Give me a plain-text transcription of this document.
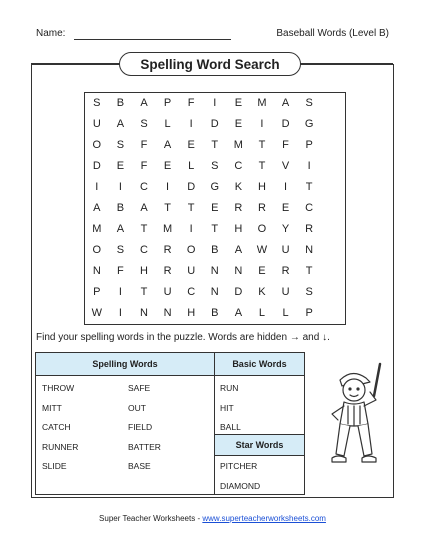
Name:	Baseball Words (Level B)
Spelling Word Search
S	B	A	P	F	I	E	M	A	S
U	A	S	L	I	D	E	I	D	G
O	S	F	A	E	T	M	T	F	P
D	E	F	E	L	S	C	T	V	I
I	I	C	I	D	G	K	H	I	T
A	B	A	T	T	E	R	R	E	C
M	A	T	M	I	T	H	O	Y	R
O	S	C	R	O	B	A	W	U	N
N	F	H	R	U	N	N	E	R	T
P	I	T	U	C	N	D	K	U	S
W	I	N	N	H	B	A	L	L	P
Find your spelling words in the puzzle. Words are hidden → and ↓.
Spelling Words	Basic Words
Star Words
THROW
MITT
CATCH
RUNNER
SLIDE
SAFE
OUT
FIELD
BATTER
BASE
RUN
HIT
BALL
PITCHER
DIAMOND
Super Teacher Worksheets - www.superteacherworksheets.com
